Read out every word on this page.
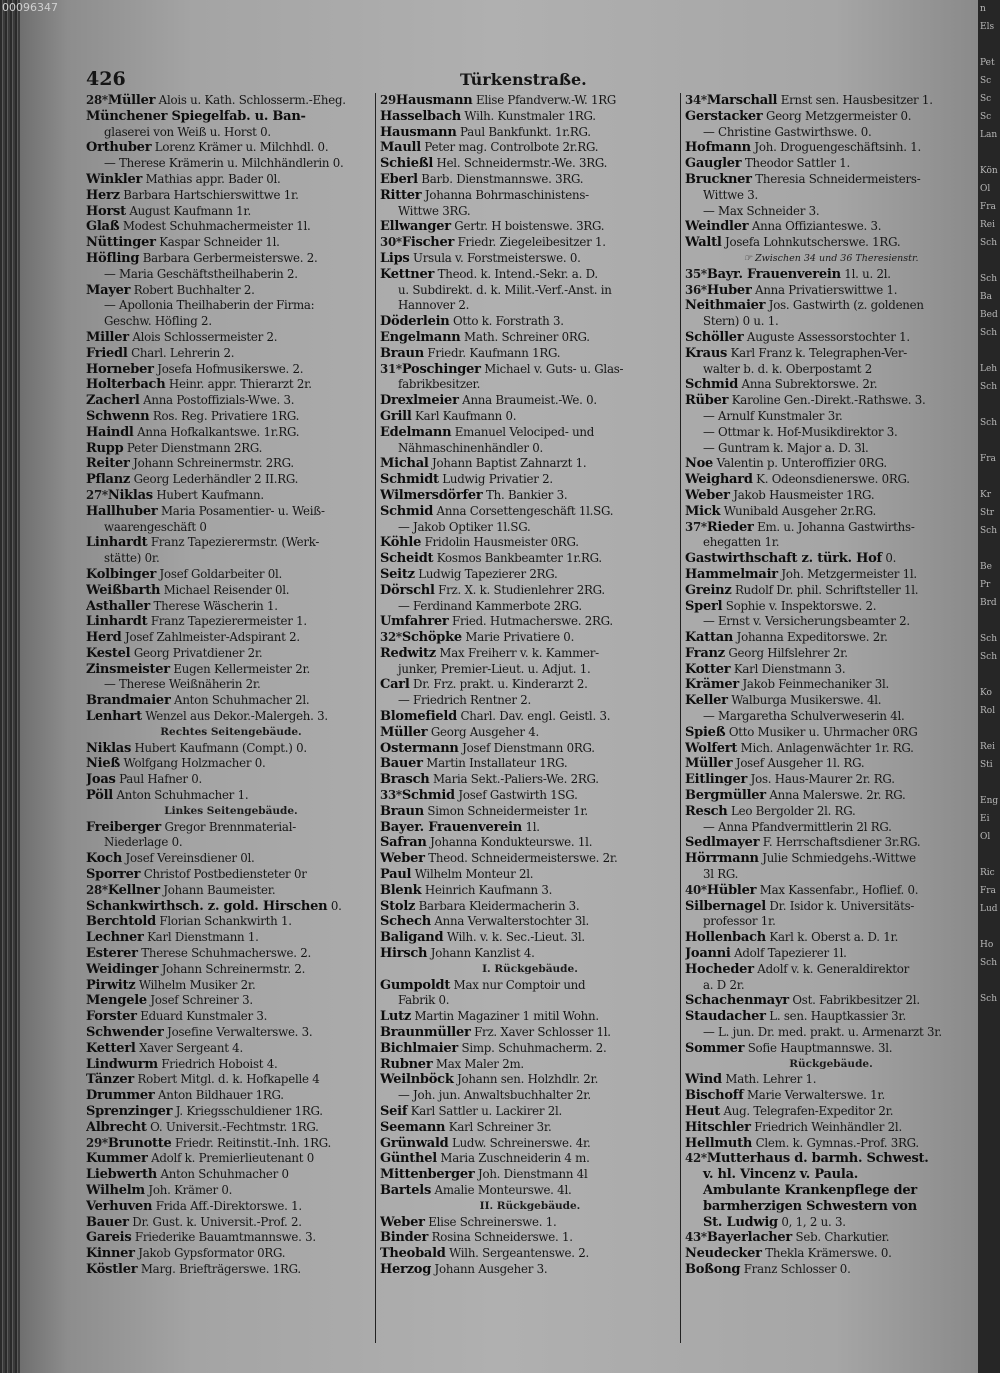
426	Türkenstraße.
28*Müller Alois u. Kath. Schlosserm.-Eheg.
Münchener Spiegelfab. u. Ban-
glaserei von Weiß u. Horst 0.
Orthuber Lorenz Krämer u. Milchhdl. 0.
— Therese Krämerin u. Milchhändlerin 0.
Winkler Mathias appr. Bader 0l.
Herz Barbara Hartschierswittwe 1r.
Horst August Kaufmann 1r.
Glaß Modest Schuhmachermeister 1l.
Nüttinger Kaspar Schneider 1l.
Höfling Barbara Gerbermeisterswe. 2.
— Maria Geschäftstheilhaberin 2.
Mayer Robert Buchhalter 2.
— Apollonia Theilhaberin der Firma:
Geschw. Höfling 2.
Miller Alois Schlossermeister 2.
Friedl Charl. Lehrerin 2.
Horneber Josefa Hofmusikerswe. 2.
Holterbach Heinr. appr. Thierarzt 2r.
Zacherl Anna Postoffizials-Wwe. 3.
Schwenn Ros. Reg. Privatiere 1RG.
Haindl Anna Hofkalkantswe. 1r.RG.
Rupp Peter Dienstmann 2RG.
Reiter Johann Schreinermstr. 2RG.
Pflanz Georg Lederhändler 2 II.RG.
27*Niklas Hubert Kaufmann.
Hallhuber Maria Posamentier- u. Weiß-
waarengeschäft 0
Linhardt Franz Tapezierermstr. (Werk-
stätte) 0r.
Kolbinger Josef Goldarbeiter 0l.
Weißbarth Michael Reisender 0l.
Asthaller Therese Wäscherin 1.
Linhardt Franz Tapezierermeister 1.
Herd Josef Zahlmeister-Adspirant 2.
Kestel Georg Privatdiener 2r.
Zinsmeister Eugen Kellermeister 2r.
— Therese Weißnäherin 2r.
Brandmaier Anton Schuhmacher 2l.
Lenhart Wenzel aus Dekor.-Malergeh. 3.
Rechtes Seitengebäude.
Niklas Hubert Kaufmann (Compt.) 0.
Nieß Wolfgang Holzmacher 0.
Joas Paul Hafner 0.
Pöll Anton Schuhmacher 1.
Linkes Seitengebäude.
Freiberger Gregor Brennmaterial-
Niederlage 0.
Koch Josef Vereinsdiener 0l.
Sporrer Christof Postbediensteter 0r
28*Kellner Johann Baumeister.
Schankwirthsch. z. gold. Hirschen 0.
Berchtold Florian Schankwirth 1.
Lechner Karl Dienstmann 1.
Esterer Therese Schuhmacherswe. 2.
Weidinger Johann Schreinermstr. 2.
Pirwitz Wilhelm Musiker 2r.
Mengele Josef Schreiner 3.
Forster Eduard Kunstmaler 3.
Schwender Josefine Verwalterswe. 3.
Ketterl Xaver Sergeant 4.
Lindwurm Friedrich Hoboist 4.
Tänzer Robert Mitgl. d. k. Hofkapelle 4
Drummer Anton Bildhauer 1RG.
Sprenzinger J. Kriegsschuldiener 1RG.
Albrecht O. Universit.-Fechtmstr. 1RG.
29*Brunotte Friedr. Reitinstit.-Inh. 1RG.
Kummer Adolf k. Premierlieutenant 0
Liebwerth Anton Schuhmacher 0
Wilhelm Joh. Krämer 0.
Verhuven Frida Aff.-Direktorswe. 1.
Bauer Dr. Gust. k. Universit.-Prof. 2.
Gareis Friederike Bauamtmannswe. 3.
Kinner Jakob Gypsformator 0RG.
Köstler Marg. Briefträgerswe. 1RG.
29Hausmann Elise Pfandverw.-W. 1RG
Hasselbach Wilh. Kunstmaler 1RG.
Hausmann Paul Bankfunkt. 1r.RG.
Maull Peter mag. Controlbote 2r.RG.
Schießl Hel. Schneidermstr.-We. 3RG.
Eberl Barb. Dienstmannswe. 3RG.
Ritter Johanna Bohrmaschinistens-
Wittwe 3RG.
Ellwanger Gertr. H boistenswe. 3RG.
30*Fischer Friedr. Ziegeleibesitzer 1.
Lips Ursula v. Forstmeisterswe. 0.
Kettner Theod. k. Intend.-Sekr. a. D.
u. Subdirekt. d. k. Milit.-Verf.-Anst. in
Hannover 2.
Döderlein Otto k. Forstrath 3.
Engelmann Math. Schreiner 0RG.
Braun Friedr. Kaufmann 1RG.
31*Poschinger Michael v. Guts- u. Glas-
fabrikbesitzer.
Drexlmeier Anna Braumeist.-We. 0.
Grill Karl Kaufmann 0.
Edelmann Emanuel Velociped- und
Nähmaschinenhändler 0.
Michal Johann Baptist Zahnarzt 1.
Schmidt Ludwig Privatier 2.
Wilmersdörfer Th. Bankier 3.
Schmid Anna Corsettengeschäft 1l.SG.
— Jakob Optiker 1l.SG.
Köhle Fridolin Hausmeister 0RG.
Scheidt Kosmos Bankbeamter 1r.RG.
Seitz Ludwig Tapezierer 2RG.
Dörschl Frz. X. k. Studienlehrer 2RG.
— Ferdinand Kammerbote 2RG.
Umfahrer Fried. Hutmacherswe. 2RG.
32*Schöpke Marie Privatiere 0.
Redwitz Max Freiherr v. k. Kammer-
junker, Premier-Lieut. u. Adjut. 1.
Carl Dr. Frz. prakt. u. Kinderarzt 2.
— Friedrich Rentner 2.
Blomefield Charl. Dav. engl. Geistl. 3.
Müller Georg Ausgeher 4.
Ostermann Josef Dienstmann 0RG.
Bauer Martin Installateur 1RG.
Brasch Maria Sekt.-Paliers-We. 2RG.
33*Schmid Josef Gastwirth 1SG.
Braun Simon Schneidermeister 1r.
Bayer. Frauenverein 1l.
Safran Johanna Kondukteurswe. 1l.
Weber Theod. Schneidermeisterswe. 2r.
Paul Wilhelm Monteur 2l.
Blenk Heinrich Kaufmann 3.
Stolz Barbara Kleidermacherin 3.
Schech Anna Verwalterstochter 3l.
Baligand Wilh. v. k. Sec.-Lieut. 3l.
Hirsch Johann Kanzlist 4.
I. Rückgebäude.
Gumpoldt Max nur Comptoir und
Fabrik 0.
Lutz Martin Magaziner 1 mitil Wohn.
Braunmüller Frz. Xaver Schlosser 1l.
Bichlmaier Simp. Schuhmacherm. 2.
Rubner Max Maler 2m.
Weilnböck Johann sen. Holzhdlr. 2r.
— Joh. jun. Anwaltsbuchhalter 2r.
Seif Karl Sattler u. Lackirer 2l.
Seemann Karl Schreiner 3r.
Grünwald Ludw. Schreinerswe. 4r.
Günthel Maria Zuschneiderin 4 m.
Mittenberger Joh. Dienstmann 4l
Bartels Amalie Monteurswe. 4l.
II. Rückgebäude.
Weber Elise Schreinerswe. 1.
Binder Rosina Schneiderswe. 1.
Theobald Wilh. Sergeantenswe. 2.
Herzog Johann Ausgeher 3.
34*Marschall Ernst sen. Hausbesitzer 1.
Gerstacker Georg Metzgermeister 0.
— Christine Gastwirthswe. 0.
Hofmann Joh. Droguengeschäftsinh. 1.
Gaugler Theodor Sattler 1.
Bruckner Theresia Schneidermeisters-
Wittwe 3.
— Max Schneider 3.
Weindler Anna Offizianteswe. 3.
Waltl Josefa Lohnkutscherswe. 1RG.
☞ Zwischen 34 und 36 Theresienstr.
35*Bayr. Frauenverein 1l. u. 2l.
36*Huber Anna Privatierswittwe 1.
Neithmaier Jos. Gastwirth (z. goldenen
Stern) 0 u. 1.
Schöller Auguste Assessorstochter 1.
Kraus Karl Franz k. Telegraphen-Ver-
walter b. d. k. Oberpostamt 2
Schmid Anna Subrektorswe. 2r.
Rüber Karoline Gen.-Direkt.-Rathswe. 3.
— Arnulf Kunstmaler 3r.
— Ottmar k. Hof-Musikdirektor 3.
— Guntram k. Major a. D. 3l.
Noe Valentin p. Unteroffizier 0RG.
Weighard K. Odeonsdienerswe. 0RG.
Weber Jakob Hausmeister 1RG.
Mick Wunibald Ausgeher 2r.RG.
37*Rieder Em. u. Johanna Gastwirths-
ehegatten 1r.
Gastwirthschaft z. türk. Hof 0.
Hammelmair Joh. Metzgermeister 1l.
Greinz Rudolf Dr. phil. Schriftsteller 1l.
Sperl Sophie v. Inspektorswe. 2.
— Ernst v. Versicherungsbeamter 2.
Kattan Johanna Expeditorswe. 2r.
Franz Georg Hilfslehrer 2r.
Kotter Karl Dienstmann 3.
Krämer Jakob Feinmechaniker 3l.
Keller Walburga Musikerswe. 4l.
— Margaretha Schulverweserin 4l.
Spieß Otto Musiker u. Uhrmacher 0RG
Wolfert Mich. Anlagenwächter 1r. RG.
Müller Josef Ausgeher 1l. RG.
Eitlinger Jos. Haus-Maurer 2r. RG.
Bergmüller Anna Malerswe. 2r. RG.
Resch Leo Bergolder 2l. RG.
— Anna Pfandvermittlerin 2l RG.
Sedlmayer F. Herrschaftsdiener 3r.RG.
Hörrmann Julie Schmiedgehs.-Wittwe
3l RG.
40*Hübler Max Kassenfabr., Hoflief. 0.
Silbernagel Dr. Isidor k. Universitäts-
professor 1r.
Hollenbach Karl k. Oberst a. D. 1r.
Joanni Adolf Tapezierer 1l.
Hocheder Adolf v. k. Generaldirektor
a. D 2r.
Schachenmayr Ost. Fabrikbesitzer 2l.
Staudacher L. sen. Hauptkassier 3r.
— L. jun. Dr. med. prakt. u. Armenarzt 3r.
Sommer Sofie Hauptmannswe. 3l.
Rückgebäude.
Wind Math. Lehrer 1.
Bischoff Marie Verwalterswe. 1r.
Heut Aug. Telegrafen-Expeditor 2r.
Hitschler Friedrich Weinhändler 2l.
Hellmuth Clem. k. Gymnas.-Prof. 3RG.
42*Mutterhaus d. barmh. Schwest.
v. hl. Vincenz v. Paula.
Ambulante Krankenpflege der
barmherzigen Schwestern von
St. Ludwig 0, 1, 2 u. 3.
43*Bayerlacher Seb. Charkutier.
Neudecker Thekla Krämerswe. 0.
Boßong Franz Schlosser 0.
n
Els

Pet
Sc
Sc
Sc
Lan

Kön
Ol
Fra
Rei
Sch

Sch
Ba
Bed
Sch

Leh
Sch

Sch

Fra

Kr
Str
Sch

Be
Pr
Brd

Sch
Sch

Ko
Rol

Rei
Sti

Eng
Ei
Ol

Ric
Fra
Lud

Ho
Sch

Sch
00096347
